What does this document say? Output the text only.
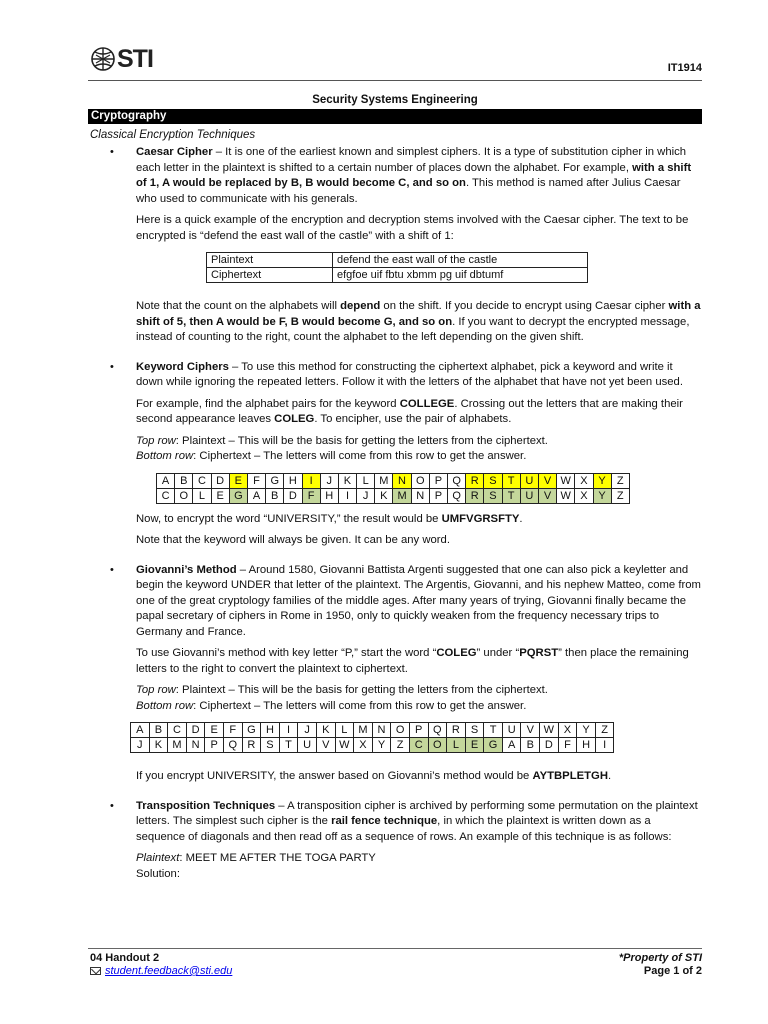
STI	IT1914
Security Systems Engineering
Cryptography
Classical Encryption Techniques
• Caesar Cipher – It is one of the earliest known and simplest ciphers. It is a type of substitution cipher in which each letter in the plaintext is shifted to a certain number of places down the alphabet. For example, with a shift of 1, A would be replaced by B, B would become C, and so on. This method is named after Julius Caesar who used to communicate with his generals.

Here is a quick example of the encryption and decryption stems involved with the Caesar cipher. The text to be encrypted is “defend the east wall of the castle” with a shift of 1:

Plaintext	defend the east wall of the castle
Ciphertext	efgfoe uif fbtu xbmm pg uif dbtumf

Note that the count on the alphabets will depend on the shift. If you decide to encrypt using Caesar cipher with a shift of 5, then A would be F, B would become G, and so on. If you want to decrypt the encrypted message, instead of counting to the right, count the alphabet to the left depending on the given shift.

• Keyword Ciphers – To use this method for constructing the ciphertext alphabet, pick a keyword and write it down while ignoring the repeated letters. Follow it with the letters of the alphabet that have not yet been used.

For example, find the alphabet pairs for the keyword COLLEGE. Crossing out the letters that are making their second appearance leaves COLEG. To encipher, use the pair of alphabets.

Top row: Plaintext – This will be the basis for getting the letters from the ciphertext.

Bottom row: Ciphertext – The letters will come from this row to get the answer.

A	B	C	D	E	F	G	H	I	J	K	L	M	N	O	P	Q	R	S	T	U	V	W	X	Y	Z
C	O	L	E	G	A	B	D	F	H	I	J	K	M	N	P	Q	R	S	T	U	V	W	X	Y	Z

Now, to encrypt the word “UNIVERSITY,” the result would be UMFVGRSFTY.

Note that the keyword will always be given. It can be any word.

• Giovanni’s Method – Around 1580, Giovanni Battista Argenti suggested that one can also pick a keyletter and begin the keyword UNDER that letter of the plaintext. The Argentis, Giovanni, and his nephew Matteo, come from one of the great cryptology families of the middle ages. After many years of trying, Giovanni finally became the papal secretary of ciphers in Rome in 1950, only to quickly weaken from the frequency necessary trips to Germany and France.

To use Giovanni’s method with key letter “P,” start the word “COLEG” under “PQRST” then place the remaining letters to the right to convert the plaintext to ciphertext.

Top row: Plaintext – This will be the basis for getting the letters from the ciphertext.

Bottom row: Ciphertext – The letters will come from this row to get the answer.

A	B	C	D	E	F	G	H	I	J	K	L	M	N	O	P	Q	R	S	T	U	V	W	X	Y	Z
J	K	M	N	P	Q	R	S	T	U	V	W	X	Y	Z	C	O	L	E	G	A	B	D	F	H	I

If you encrypt UNIVERSITY, the answer based on Giovanni’s method would be AYTBPLETGH.

• Transposition Techniques – A transposition cipher is archived by performing some permutation on the plaintext letters. The simplest such cipher is the rail fence technique, in which the plaintext is written down as a sequence of diagonals and then read off as a sequence of rows. An example of this technique is as follows:

Plaintext: MEET ME AFTER THE TOGA PARTY

Solution:

04 Handout 2
student.feedback@sti.edu
*Property of STI
Page 1 of 2
